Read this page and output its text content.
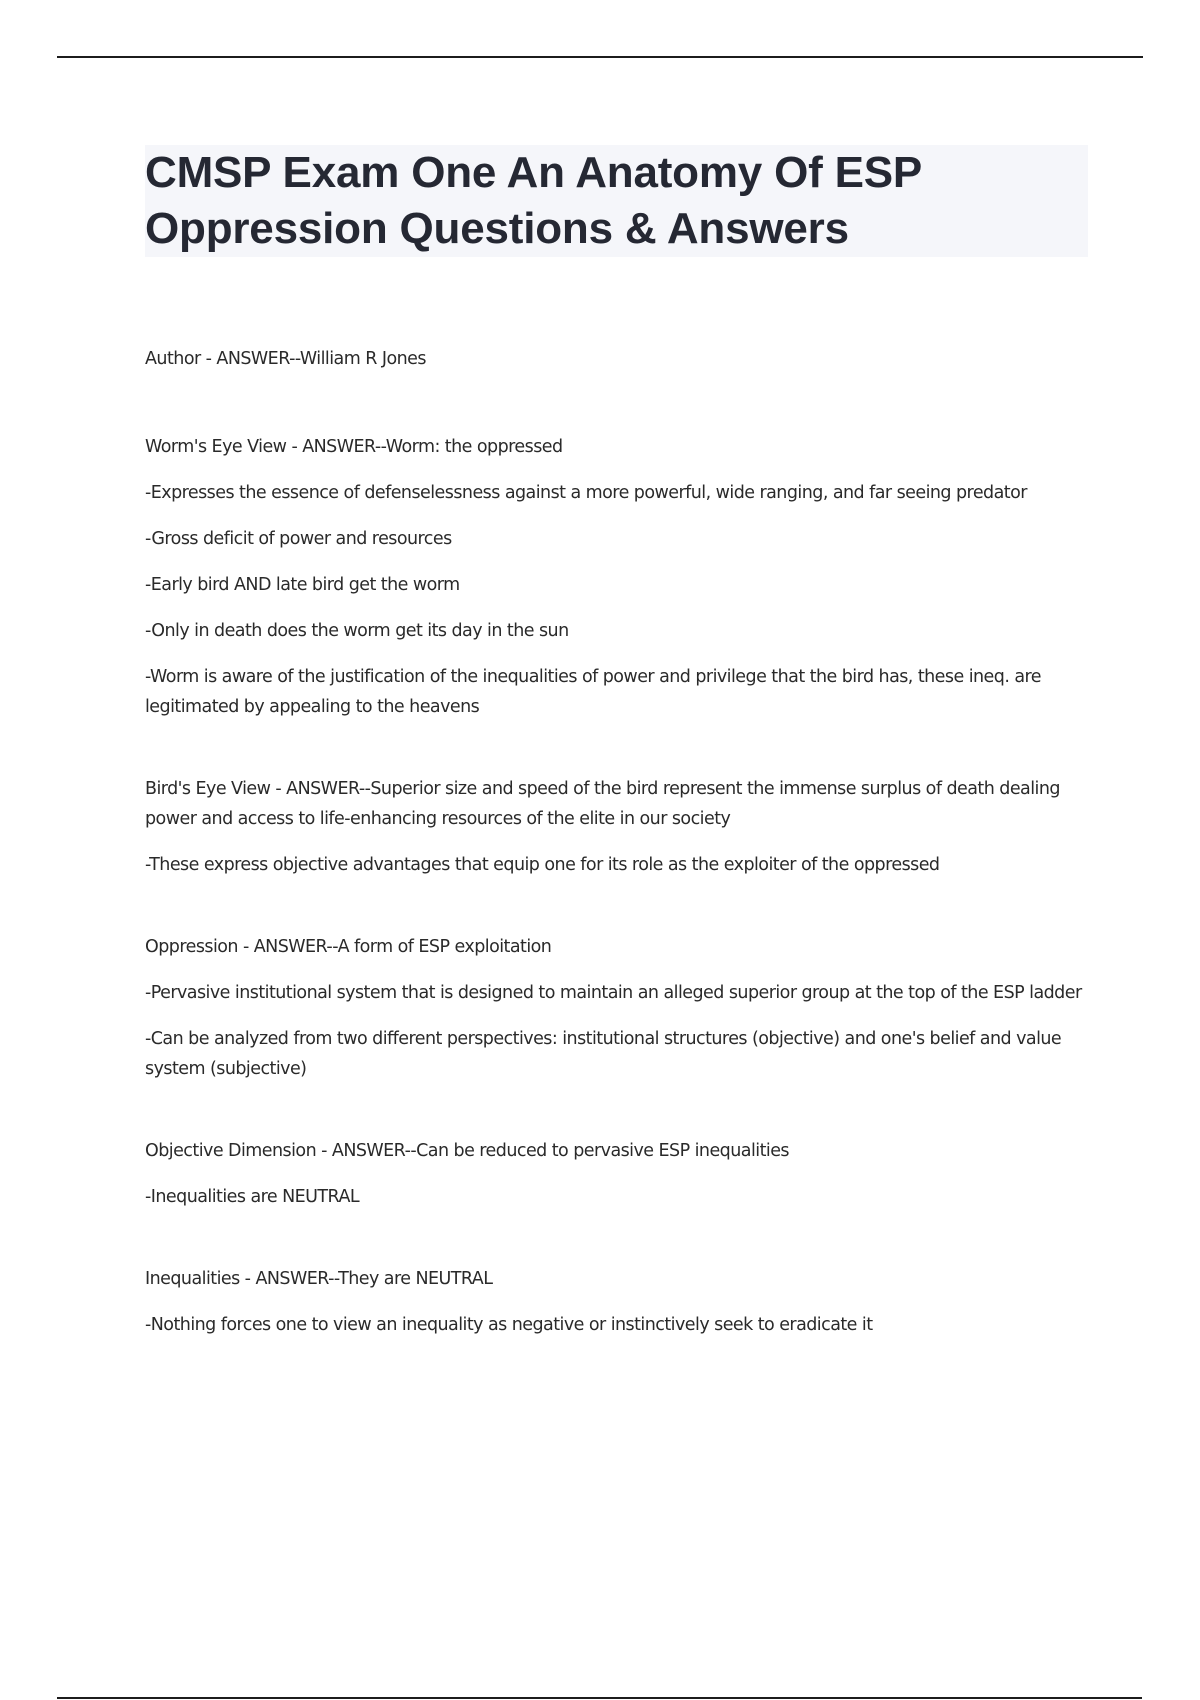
CMSP Exam One An Anatomy Of ESP
Oppression Questions & Answers

Author - ANSWER--William R Jones

Worm's Eye View - ANSWER--Worm: the oppressed

-Expresses the essence of defenselessness against a more powerful, wide ranging, and far seeing predator

-Gross deficit of power and resources

-Early bird AND late bird get the worm

-Only in death does the worm get its day in the sun

-Worm is aware of the justification of the inequalities of power and privilege that the bird has, these ineq. are legitimated by appealing to the heavens

Bird's Eye View - ANSWER--Superior size and speed of the bird represent the immense surplus of death dealing power and access to life-enhancing resources of the elite in our society

-These express objective advantages that equip one for its role as the exploiter of the oppressed

Oppression - ANSWER--A form of ESP exploitation

-Pervasive institutional system that is designed to maintain an alleged superior group at the top of the ESP ladder

-Can be analyzed from two different perspectives: institutional structures (objective) and one's belief and value system (subjective)

Objective Dimension - ANSWER--Can be reduced to pervasive ESP inequalities

-Inequalities are NEUTRAL

Inequalities - ANSWER--They are NEUTRAL

-Nothing forces one to view an inequality as negative or instinctively seek to eradicate it
